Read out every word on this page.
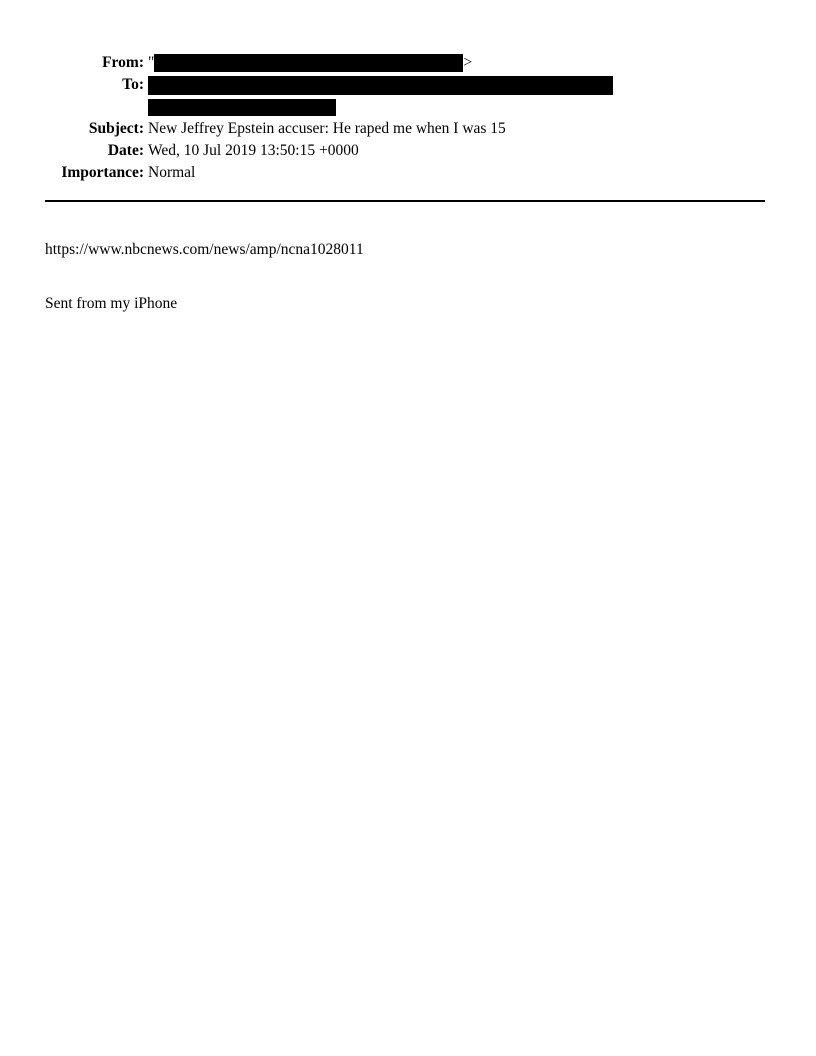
From: "	>
To:
Subject: New Jeffrey Epstein accuser: He raped me when I was 15
Date: Wed, 10 Jul 2019 13:50:15 +0000
Importance: Normal
https://www.nbcnews.com/news/amp/ncna1028011
Sent from my iPhone
